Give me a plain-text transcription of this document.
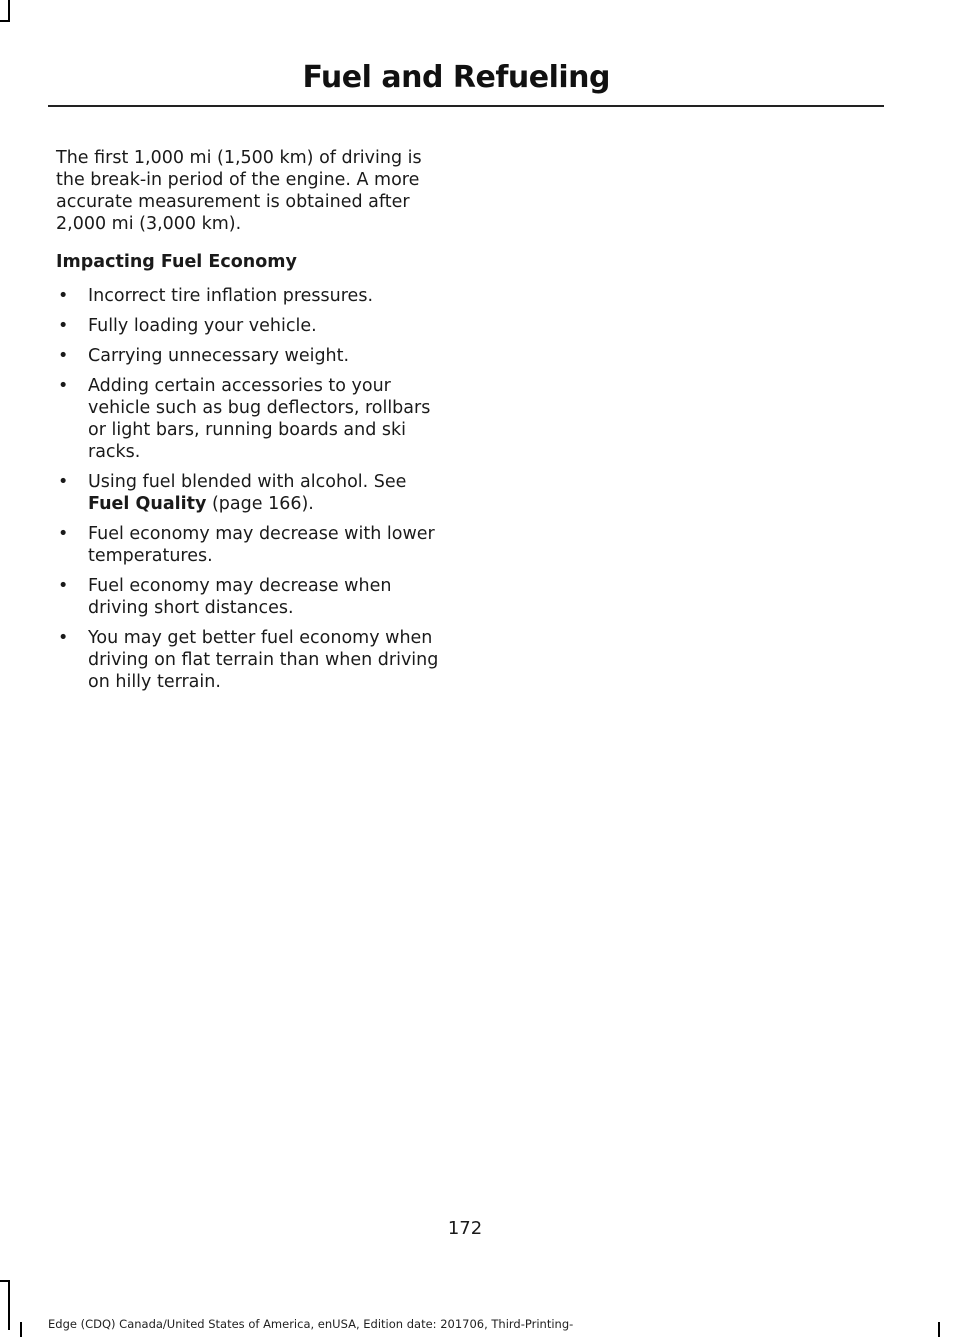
Fuel and Refueling

The first 1,000 mi (1,500 km) of driving is the break-in period of the engine. A more accurate measurement is obtained after 2,000 mi (3,000 km).

Impacting Fuel Economy

• Incorrect tire inflation pressures.
• Fully loading your vehicle.
• Carrying unnecessary weight.
• Adding certain accessories to your vehicle such as bug deflectors, rollbars or light bars, running boards and ski racks.
• Using fuel blended with alcohol. See Fuel Quality (page 166).
• Fuel economy may decrease with lower temperatures.
• Fuel economy may decrease when driving short distances.
• You may get better fuel economy when driving on flat terrain than when driving on hilly terrain.
172
Edge (CDQ) Canada/United States of America, enUSA, Edition date: 201706, Third-Printing-
